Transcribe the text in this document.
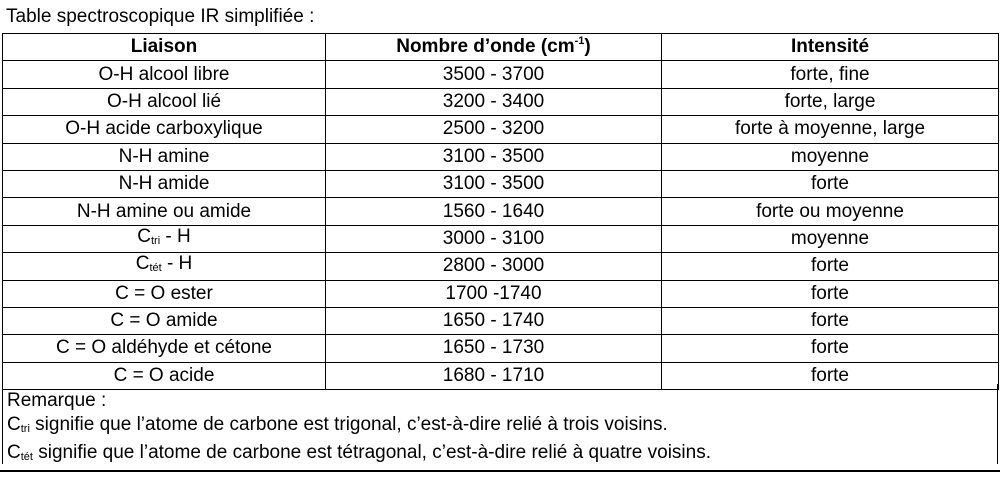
Table spectroscopique IR simplifiée :
Liaison	Nombre d’onde $(cm^{-1})$	Intensité
O-H alcool libre	3500 - 3700	forte, fine
O-H alcool lié	3200 - 3400	forte, large
O-H acide carboxylique	2500 - 3200	forte à moyenne, large
N-H amine	3100 - 3500	moyenne
N-H amide	3100 - 3500	forte
N-H amine ou amide	1560 - 1640	forte ou moyenne
Ctri - H	3000 - 3100	moyenne
Ctét - H	2800 - 3000	forte
C = O ester	1700 -1740	forte
C = O amide	1650 - 1740	forte
C = O aldéhyde et cétone	1650 - 1730	forte
C = O acide	1680 - 1710	forte
Remarque :
Ctri signifie que l’atome de carbone est trigonal, c’est-à-dire relié à trois voisins.
Ctét signifie que l’atome de carbone est tétragonal, c’est-à-dire relié à quatre voisins.
